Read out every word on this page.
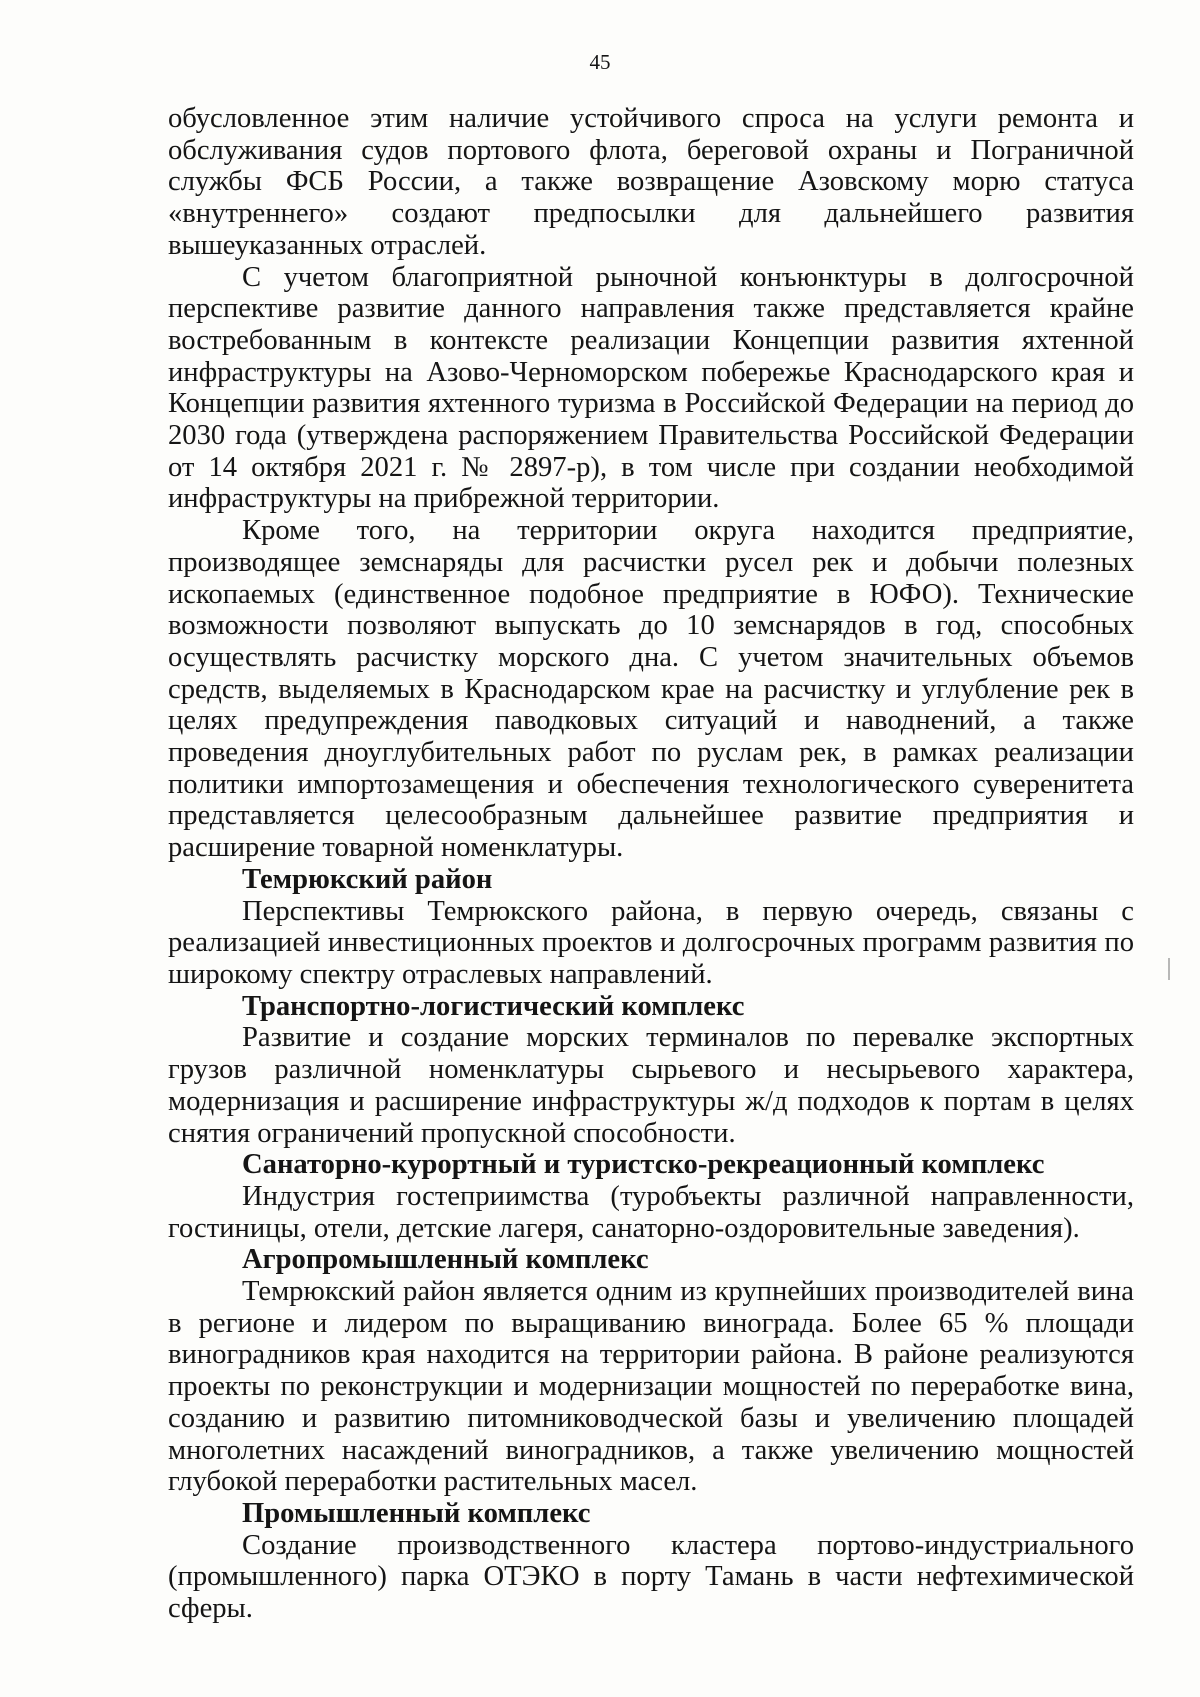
45

обусловленное этим наличие устойчивого спроса на услуги ремонта и обслуживания судов портового флота, береговой охраны и Пограничной службы ФСБ России, а также возвращение Азовскому морю статуса «внутреннего» создают предпосылки для дальнейшего развития вышеуказанных отраслей.

С учетом благоприятной рыночной конъюнктуры в долгосрочной перспективе развитие данного направления также представляется крайне востребованным в контексте реализации Концепции развития яхтенной инфраструктуры на Азово-Черноморском побережье Краснодарского края и Концепции развития яхтенного туризма в Российской Федерации на период до 2030 года (утверждена распоряжением Правительства Российской Федерации от 14 октября 2021 г. № 2897-р), в том числе при создании необходимой инфраструктуры на прибрежной территории.

Кроме того, на территории округа находится предприятие, производящее земснаряды для расчистки русел рек и добычи полезных ископаемых (единственное подобное предприятие в ЮФО). Технические возможности позволяют выпускать до 10 земснарядов в год, способных осуществлять расчистку морского дна. С учетом значительных объемов средств, выделяемых в Краснодарском крае на расчистку и углубление рек в целях предупреждения паводковых ситуаций и наводнений, а также проведения дноуглубительных работ по руслам рек, в рамках реализации политики импортозамещения и обеспечения технологического суверенитета представляется целесообразным дальнейшее развитие предприятия и расширение товарной номенклатуры.

Темрюкский район

Перспективы Темрюкского района, в первую очередь, связаны с реализацией инвестиционных проектов и долгосрочных программ развития по широкому спектру отраслевых направлений.

Транспортно-логистический комплекс

Развитие и создание морских терминалов по перевалке экспортных грузов различной номенклатуры сырьевого и несырьевого характера, модернизация и расширение инфраструктуры ж/д подходов к портам в целях снятия ограничений пропускной способности.

Санаторно-курортный и туристско-рекреационный комплекс

Индустрия гостеприимства (туробъекты различной направленности, гостиницы, отели, детские лагеря, санаторно-оздоровительные заведения).

Агропромышленный комплекс

Темрюкский район является одним из крупнейших производителей вина в регионе и лидером по выращиванию винограда. Более 65 % площади виноградников края находится на территории района. В районе реализуются проекты по реконструкции и модернизации мощностей по переработке вина, созданию и развитию питомниководческой базы и увеличению площадей многолетних насаждений виноградников, а также увеличению мощностей глубокой переработки растительных масел.

Промышленный комплекс

Создание производственного кластера портово-индустриального (промышленного) парка ОТЭКО в порту Тамань в части нефтехимической сферы.
